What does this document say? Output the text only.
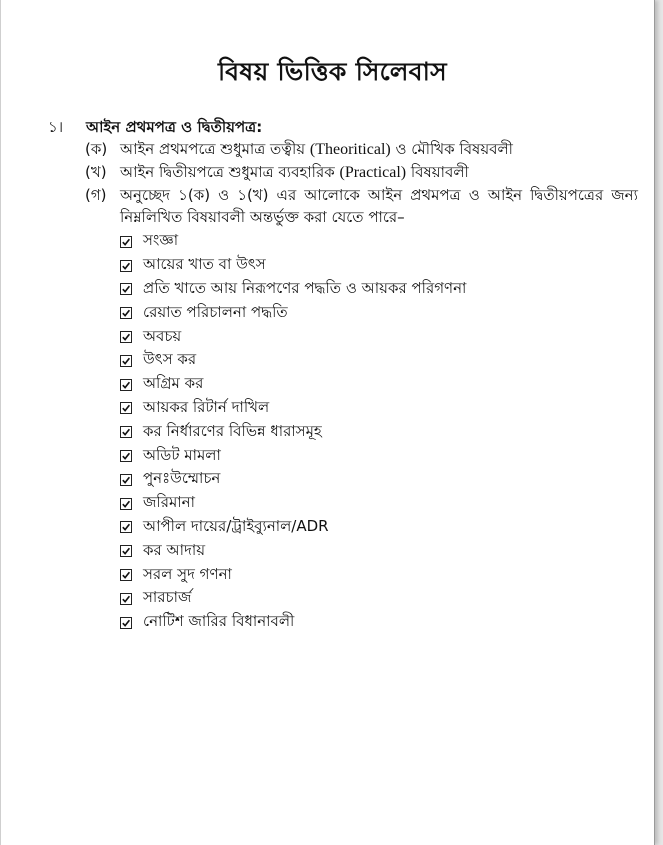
বিষয় ভিত্তিক সিলেবাস
১।	আইন প্রথমপত্র ও দ্বিতীয়পত্র:
(ক) আইন প্রথমপত্রে শুধুমাত্র তত্বীয় (Theoritical) ও মৌখিক বিষয়বলী
(খ) আইন দ্বিতীয়পত্রে শুধুমাত্র ব্যবহারিক (Practical) বিষয়াবলী
(গ) অনুচ্ছেদ ১(ক) ও ১(খ) এর আলোকে আইন প্রথমপত্র ও আইন দ্বিতীয়পত্রের জন্য নিম্নলিখিত বিষয়াবলী অন্তর্ভুক্ত করা যেতে পারে–
সংজ্ঞা
আয়ের খাত বা উৎস
প্রতি খাতে আয় নিরূপণের পদ্ধতি ও আয়কর পরিগণনা
রেয়াত পরিচালনা পদ্ধতি
অবচয়
উৎস কর
অগ্রিম কর
আয়কর রিটার্ন দাখিল
কর নির্ধারণের বিভিন্ন ধারাসমূহ
অডিট মামলা
পুনঃউম্মোচন
জরিমানা
আপীল দায়ের/ট্রাইব্যুনাল/ADR
কর আদায়
সরল সুদ গণনা
সারচার্জ
নোটিশ জারির বিধানাবলী
